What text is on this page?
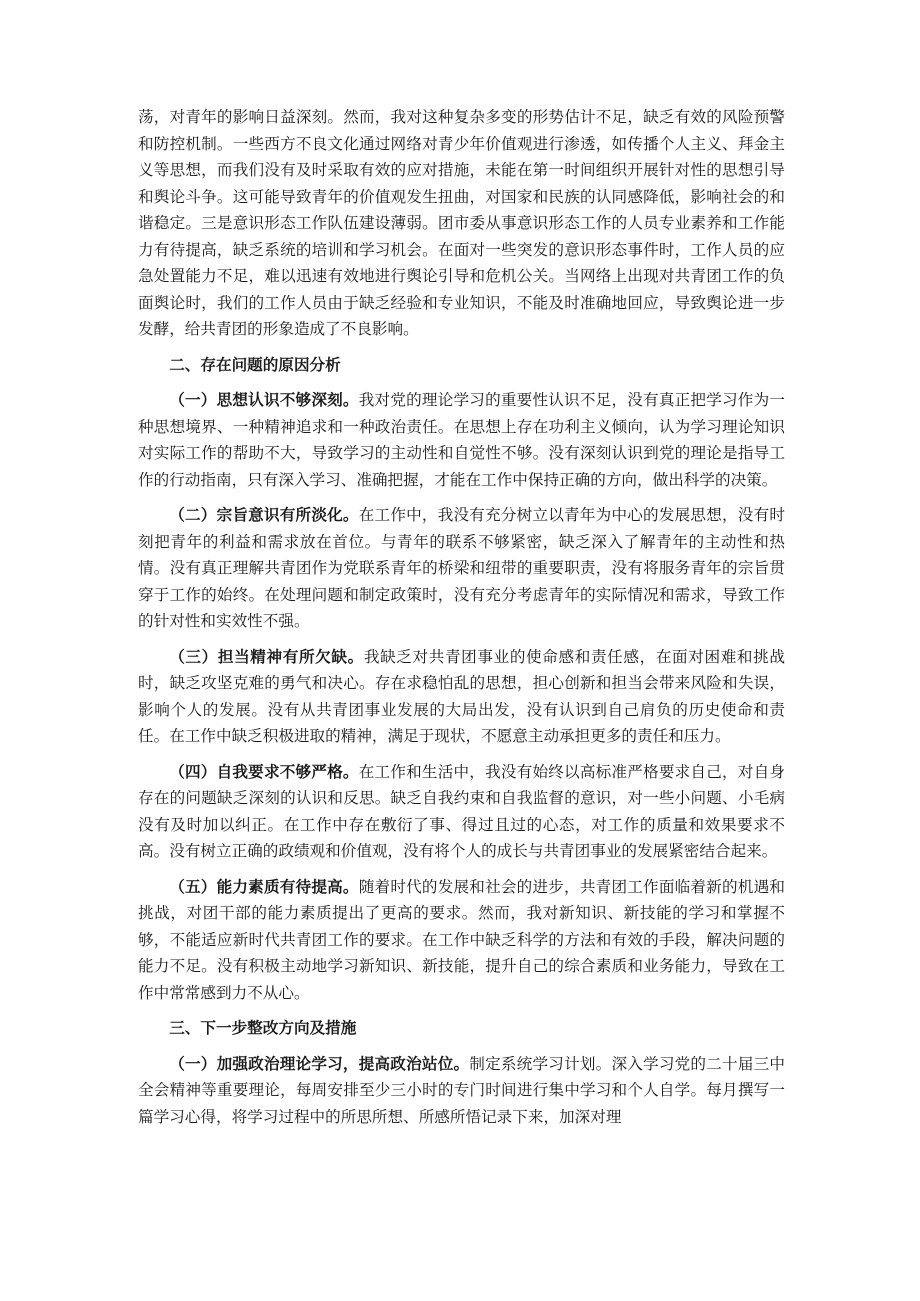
荡，对青年的影响日益深刻。然而，我对这种复杂多变的形势估计不足，缺乏有效的风险预警和防控机制。一些西方不良文化通过网络对青少年价值观进行渗透，如传播个人主义、拜金主义等思想，而我们没有及时采取有效的应对措施，未能在第一时间组织开展针对性的思想引导和舆论斗争。这可能导致青年的价值观发生扭曲，对国家和民族的认同感降低，影响社会的和谐稳定。三是意识形态工作队伍建设薄弱。团市委从事意识形态工作的人员专业素养和工作能力有待提高，缺乏系统的培训和学习机会。在面对一些突发的意识形态事件时，工作人员的应急处置能力不足，难以迅速有效地进行舆论引导和危机公关。当网络上出现对共青团工作的负面舆论时，我们的工作人员由于缺乏经验和专业知识，不能及时准确地回应，导致舆论进一步发酵，给共青团的形象造成了不良影响。

二、存在问题的原因分析

（一）思想认识不够深刻。我对党的理论学习的重要性认识不足，没有真正把学习作为一种思想境界、一种精神追求和一种政治责任。在思想上存在功利主义倾向，认为学习理论知识对实际工作的帮助不大，导致学习的主动性和自觉性不够。没有深刻认识到党的理论是指导工作的行动指南，只有深入学习、准确把握，才能在工作中保持正确的方向，做出科学的决策。

（二）宗旨意识有所淡化。在工作中，我没有充分树立以青年为中心的发展思想，没有时刻把青年的利益和需求放在首位。与青年的联系不够紧密，缺乏深入了解青年的主动性和热情。没有真正理解共青团作为党联系青年的桥梁和纽带的重要职责，没有将服务青年的宗旨贯穿于工作的始终。在处理问题和制定政策时，没有充分考虑青年的实际情况和需求，导致工作的针对性和实效性不强。

（三）担当精神有所欠缺。我缺乏对共青团事业的使命感和责任感，在面对困难和挑战时，缺乏攻坚克难的勇气和决心。存在求稳怕乱的思想，担心创新和担当会带来风险和失误，影响个人的发展。没有从共青团事业发展的大局出发，没有认识到自己肩负的历史使命和责任。在工作中缺乏积极进取的精神，满足于现状，不愿意主动承担更多的责任和压力。

（四）自我要求不够严格。在工作和生活中，我没有始终以高标准严格要求自己，对自身存在的问题缺乏深刻的认识和反思。缺乏自我约束和自我监督的意识，对一些小问题、小毛病没有及时加以纠正。在工作中存在敷衍了事、得过且过的心态，对工作的质量和效果要求不高。没有树立正确的政绩观和价值观，没有将个人的成长与共青团事业的发展紧密结合起来。

（五）能力素质有待提高。随着时代的发展和社会的进步，共青团工作面临着新的机遇和挑战，对团干部的能力素质提出了更高的要求。然而，我对新知识、新技能的学习和掌握不够，不能适应新时代共青团工作的要求。在工作中缺乏科学的方法和有效的手段，解决问题的能力不足。没有积极主动地学习新知识、新技能，提升自己的综合素质和业务能力，导致在工作中常常感到力不从心。

三、下一步整改方向及措施

（一）加强政治理论学习，提高政治站位。制定系统学习计划。深入学习党的二十届三中全会精神等重要理论，每周安排至少三小时的专门时间进行集中学习和个人自学。每月撰写一篇学习心得，将学习过程中的所思所想、所感所悟记录下来，加深对理
